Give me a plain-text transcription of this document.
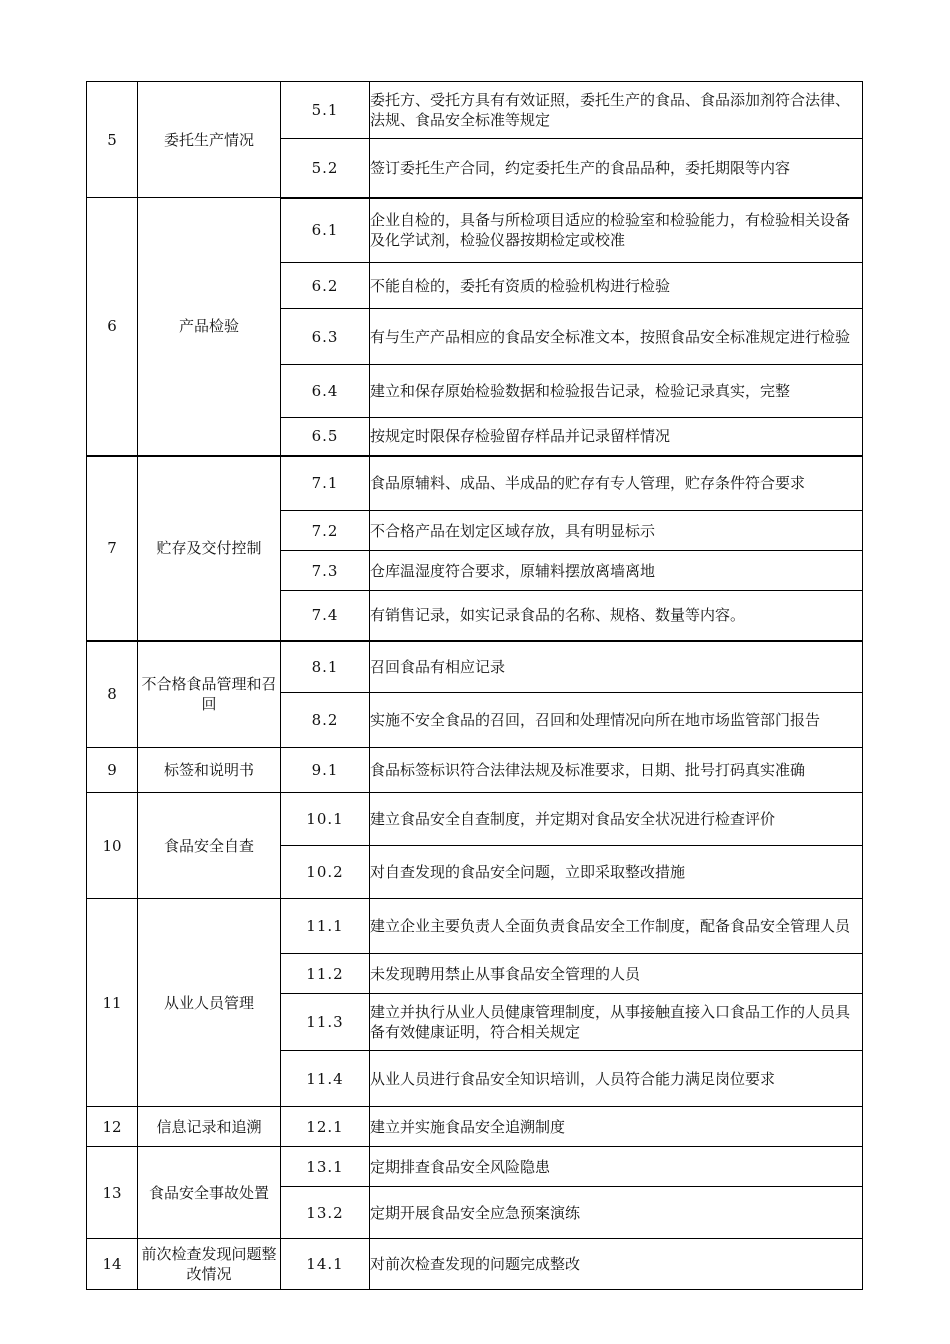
5	委托生产情况	5.1	委托方、受托方具有有效证照，委托生产的食品、食品添加剂符合法律、法规、食品安全标准等规定
		5.2	签订委托生产合同，约定委托生产的食品品种，委托期限等内容
6	产品检验	6.1	企业自检的，具备与所检项目适应的检验室和检验能力，有检验相关设备及化学试剂，检验仪器按期检定或校准
		6.2	不能自检的，委托有资质的检验机构进行检验
		6.3	有与生产产品相应的食品安全标准文本，按照食品安全标准规定进行检验
		6.4	建立和保存原始检验数据和检验报告记录，检验记录真实，完整
		6.5	按规定时限保存检验留存样品并记录留样情况
7	贮存及交付控制	7.1	食品原辅料、成品、半成品的贮存有专人管理，贮存条件符合要求
		7.2	不合格产品在划定区域存放，具有明显标示
		7.3	仓库温湿度符合要求，原辅料摆放离墙离地
		7.4	有销售记录，如实记录食品的名称、规格、数量等内容。
8	不合格食品管理和召回	8.1	召回食品有相应记录
		8.2	实施不安全食品的召回，召回和处理情况向所在地市场监管部门报告
9	标签和说明书	9.1	食品标签标识符合法律法规及标准要求，日期、批号打码真实准确
10	食品安全自查	10.1	建立食品安全自查制度，并定期对食品安全状况进行检查评价
		10.2	对自查发现的食品安全问题，立即采取整改措施
11	从业人员管理	11.1	建立企业主要负责人全面负责食品安全工作制度，配备食品安全管理人员
		11.2	未发现聘用禁止从事食品安全管理的人员
		11.3	建立并执行从业人员健康管理制度，从事接触直接入口食品工作的人员具备有效健康证明，符合相关规定
		11.4	从业人员进行食品安全知识培训，人员符合能力满足岗位要求
12	信息记录和追溯	12.1	建立并实施食品安全追溯制度
13	食品安全事故处置	13.1	定期排查食品安全风险隐患
		13.2	定期开展食品安全应急预案演练
14	前次检查发现问题整改情况	14.1	对前次检查发现的问题完成整改
